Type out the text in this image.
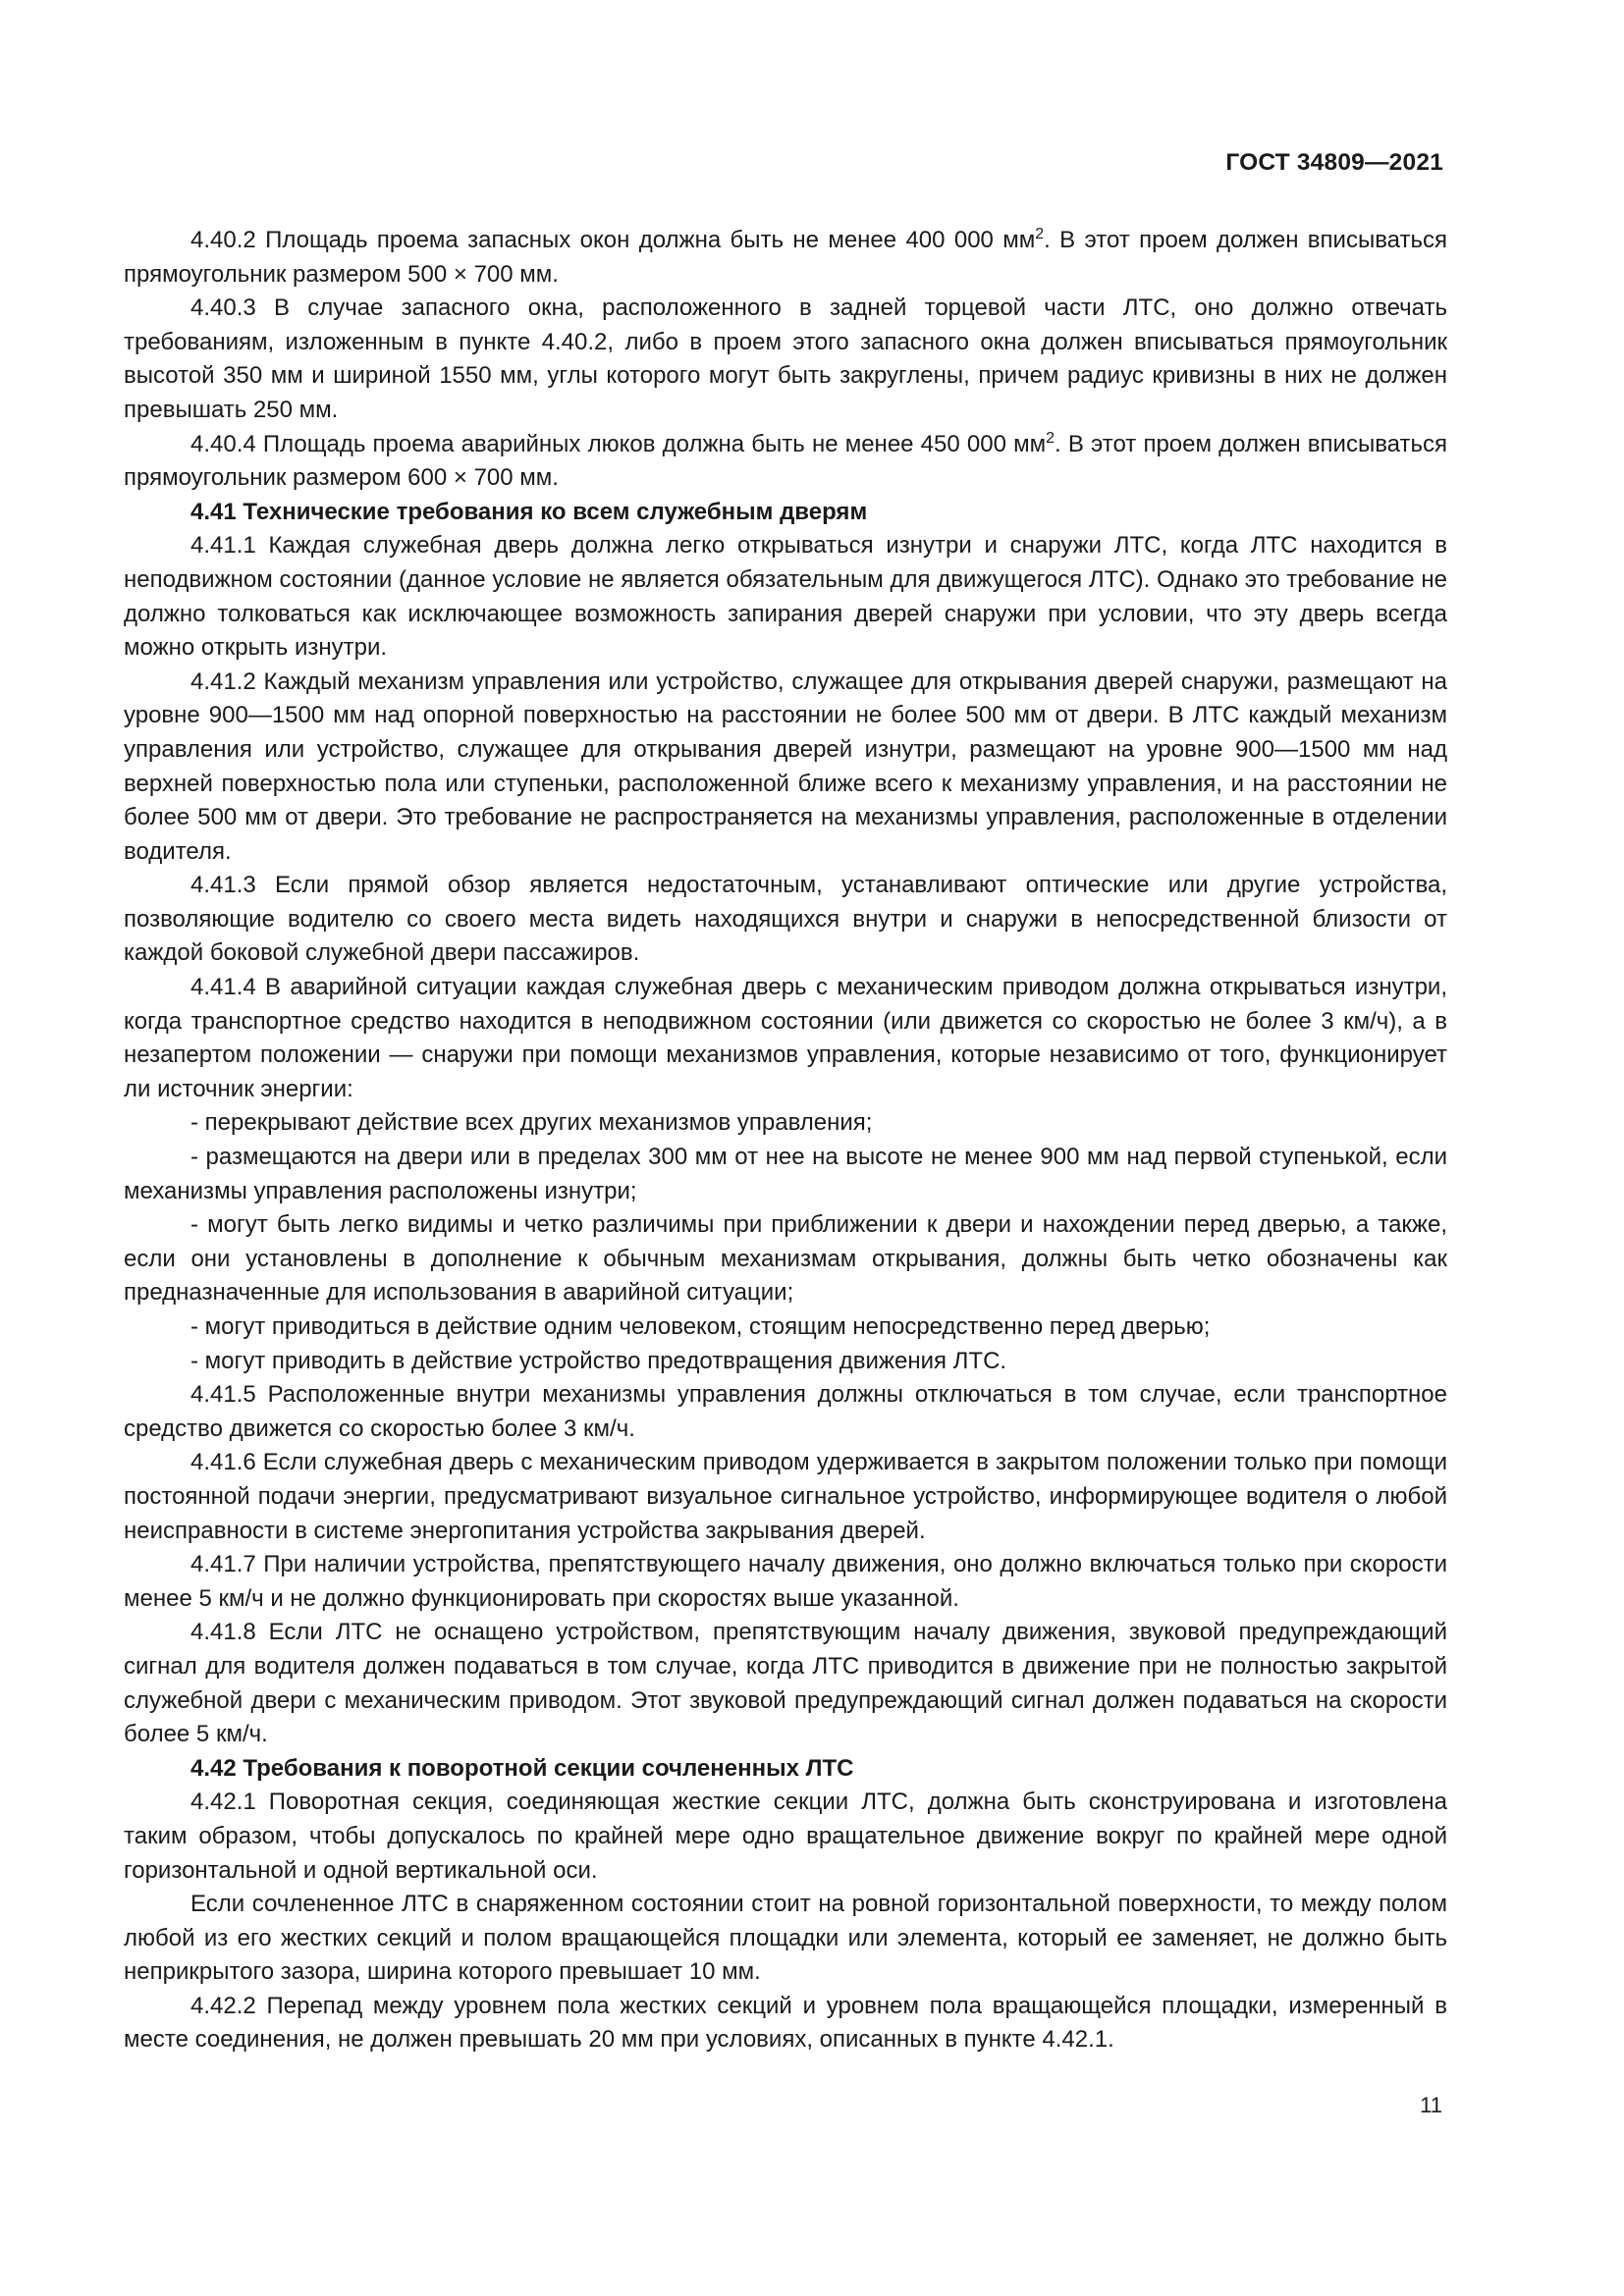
ГОСТ 34809—2021

4.40.2 Площадь проема запасных окон должна быть не менее 400 000 $мм^2$. В этот проем должен вписываться прямоугольник размером 500 × 700 мм.

4.40.3 В случае запасного окна, расположенного в задней торцевой части ЛТС, оно должно отвечать требованиям, изложенным в пункте 4.40.2, либо в проем этого запасного окна должен вписываться прямоугольник высотой 350 мм и шириной 1550 мм, углы которого могут быть закруглены, причем радиус кривизны в них не должен превышать 250 мм.

4.40.4 Площадь проема аварийных люков должна быть не менее 450 000 $мм^2$. В этот проем должен вписываться прямоугольник размером 600 × 700 мм.

4.41 Технические требования ко всем служебным дверям

4.41.1 Каждая служебная дверь должна легко открываться изнутри и снаружи ЛТС, когда ЛТС находится в неподвижном состоянии (данное условие не является обязательным для движущегося ЛТС). Однако это требование не должно толковаться как исключающее возможность запирания дверей снаружи при условии, что эту дверь всегда можно открыть изнутри.

4.41.2 Каждый механизм управления или устройство, служащее для открывания дверей снаружи, размещают на уровне 900—1500 мм над опорной поверхностью на расстоянии не более 500 мм от двери. В ЛТС каждый механизм управления или устройство, служащее для открывания дверей изнутри, размещают на уровне 900—1500 мм над верхней поверхностью пола или ступеньки, расположенной ближе всего к механизму управления, и на расстоянии не более 500 мм от двери. Это требование не распространяется на механизмы управления, расположенные в отделении водителя.

4.41.3 Если прямой обзор является недостаточным, устанавливают оптические или другие устройства, позволяющие водителю со своего места видеть находящихся внутри и снаружи в непосредственной близости от каждой боковой служебной двери пассажиров.

4.41.4 В аварийной ситуации каждая служебная дверь с механическим приводом должна открываться изнутри, когда транспортное средство находится в неподвижном состоянии (или движется со скоростью не более 3 км/ч), а в незапертом положении — снаружи при помощи механизмов управления, которые независимо от того, функционирует ли источник энергии:

- перекрывают действие всех других механизмов управления;

- размещаются на двери или в пределах 300 мм от нее на высоте не менее 900 мм над первой ступенькой, если механизмы управления расположены изнутри;

- могут быть легко видимы и четко различимы при приближении к двери и нахождении перед дверью, а также, если они установлены в дополнение к обычным механизмам открывания, должны быть четко обозначены как предназначенные для использования в аварийной ситуации;

- могут приводиться в действие одним человеком, стоящим непосредственно перед дверью;

- могут приводить в действие устройство предотвращения движения ЛТС.

4.41.5 Расположенные внутри механизмы управления должны отключаться в том случае, если транспортное средство движется со скоростью более 3 км/ч.

4.41.6 Если служебная дверь с механическим приводом удерживается в закрытом положении только при помощи постоянной подачи энергии, предусматривают визуальное сигнальное устройство, информирующее водителя о любой неисправности в системе энергопитания устройства закрывания дверей.

4.41.7 При наличии устройства, препятствующего началу движения, оно должно включаться только при скорости менее 5 км/ч и не должно функционировать при скоростях выше указанной.

4.41.8 Если ЛТС не оснащено устройством, препятствующим началу движения, звуковой предупреждающий сигнал для водителя должен подаваться в том случае, когда ЛТС приводится в движение при не полностью закрытой служебной двери с механическим приводом. Этот звуковой предупреждающий сигнал должен подаваться на скорости более 5 км/ч.

4.42 Требования к поворотной секции сочлененных ЛТС

4.42.1 Поворотная секция, соединяющая жесткие секции ЛТС, должна быть сконструирована и изготовлена таким образом, чтобы допускалось по крайней мере одно вращательное движение вокруг по крайней мере одной горизонтальной и одной вертикальной оси.

Если сочлененное ЛТС в снаряженном состоянии стоит на ровной горизонтальной поверхности, то между полом любой из его жестких секций и полом вращающейся площадки или элемента, который ее заменяет, не должно быть неприкрытого зазора, ширина которого превышает 10 мм.

4.42.2 Перепад между уровнем пола жестких секций и уровнем пола вращающейся площадки, измеренный в месте соединения, не должен превышать 20 мм при условиях, описанных в пункте 4.42.1.

11
